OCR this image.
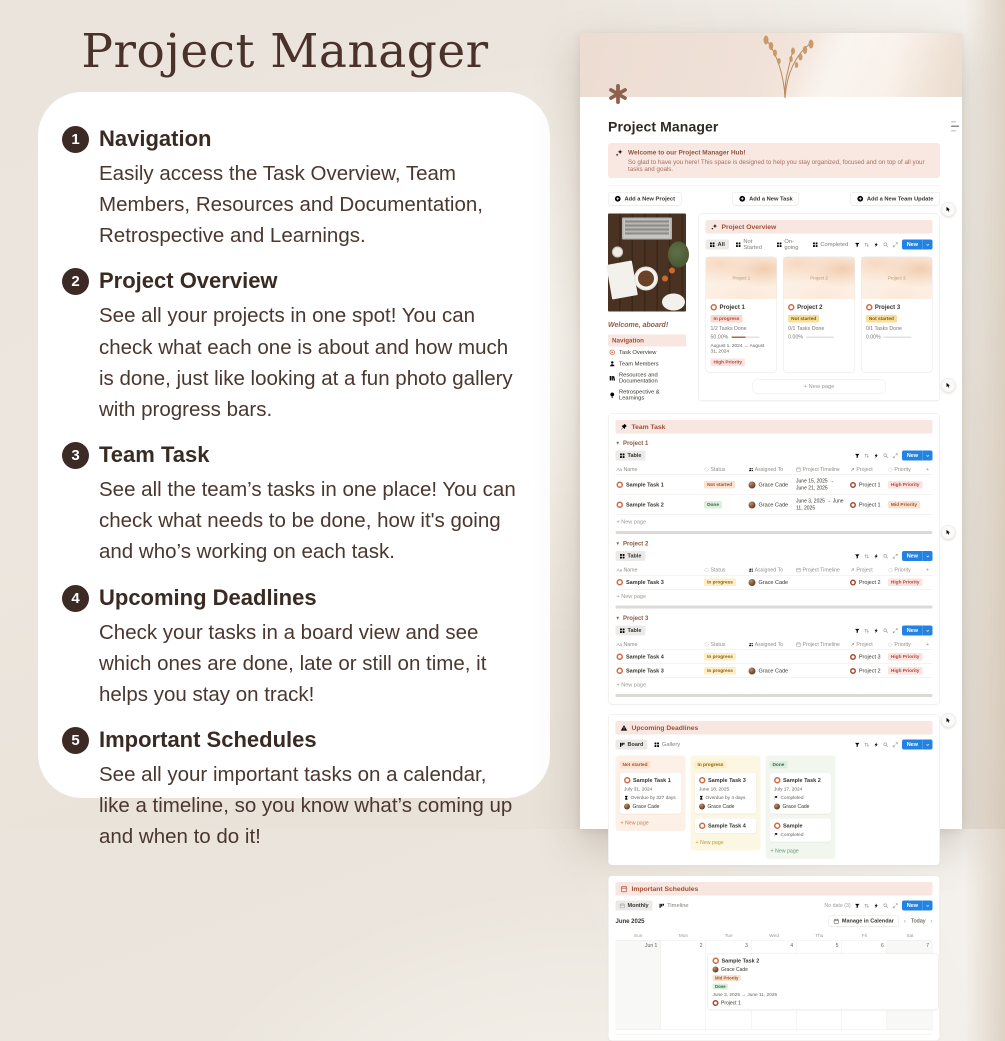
Project Manager
1 Navigation

Easily access the Task Overview, Team Members, Resources and Documentation, Retrospective and Learnings.

2 Project Overview

See all your projects in one spot! You can check what each one is about and how much is done, just like looking at a fun photo gallery with progress bars.

3 Team Task

See all the team’s tasks in one place! You can check what needs to be done, how it's going and who’s working on each task.

4 Upcoming Deadlines

Check your tasks in a board view and see which ones are done, late or still on time, it helps you stay on track!

5 Important Schedules

See all your important tasks on a calendar, like a timeline, so you know what’s coming up and when to do it!

Project Manager
Welcome to our Project Manager Hub!
So glad to have you here! This space is designed to help you stay organized, focused and on top of all your tasks and goals.
Add a New Project	Add a New Task	Add a New Team Update
Welcome, aboard!
Navigation
Task Overview
Team Members
Resources and Documentation
Retrospective & Learnings
Project Overview
All Not Started
On-going	Completed	New
Project 1
Project 1
In progress
1/2 Tasks Done
50.00%
August 1, 2024 → August 31, 2024
High Priority
Project 2
Project 2
Not started
0/1 Tasks Done
0.00%
Project 3
Project 3
Not started
0/1 Tasks Done
0.00%
+ New page
Team Task
▼ Project 1
Table	New
Aa Name	Status	Assigned To	Project Timeline	Project	Priority	+

Sample Task 1	Not started	Grace Cade	June 15, 2025 → June 21, 2025	Project 1	High Priority	

Sample Task 2	Done	Grace Cade	June 3, 2025 → June 11, 2025	Project 1	Mid Priority	
+ New page
▼ Project 2
Table	New
Aa Name	Status	Assigned To	Project Timeline	Project	Priority	+

Sample Task 3	In progress	Grace Cade		Project 2	High Priority	
+ New page
▼ Project 3
Table	New
Aa Name	Status	Assigned To	Project Timeline	Project	Priority	+

Sample Task 4	In progress			Project 3	High Priority	

Sample Task 3	In progress	Grace Cade		Project 2	High Priority	
+ New page
Upcoming Deadlines
Board Gallery	New
Not started
Sample Task 1
July 31, 2024
Overdue by 327 days
Grace Cade
+ New page
In progress
Sample Task 3
June 18, 2025
Overdue by 4 days
Grace Cade
Sample Task 4
+ New page
Done
Sample Task 2
July 17, 2024
Completed
Grace Cade
Sample
Completed
+ New page
Important Schedules
Monthly Timeline	No date (3)	New
June 2025	Manage in Calendar ‹ Today ›
Sun	Mon	Tue	Wed	Thu	Fri	Sat
Jun 1	2	3	4	5	6	7
Sample Task 2
Grace Cade
Mid Priority
Done
June 3, 2025 → June 11, 2025
Project 1
